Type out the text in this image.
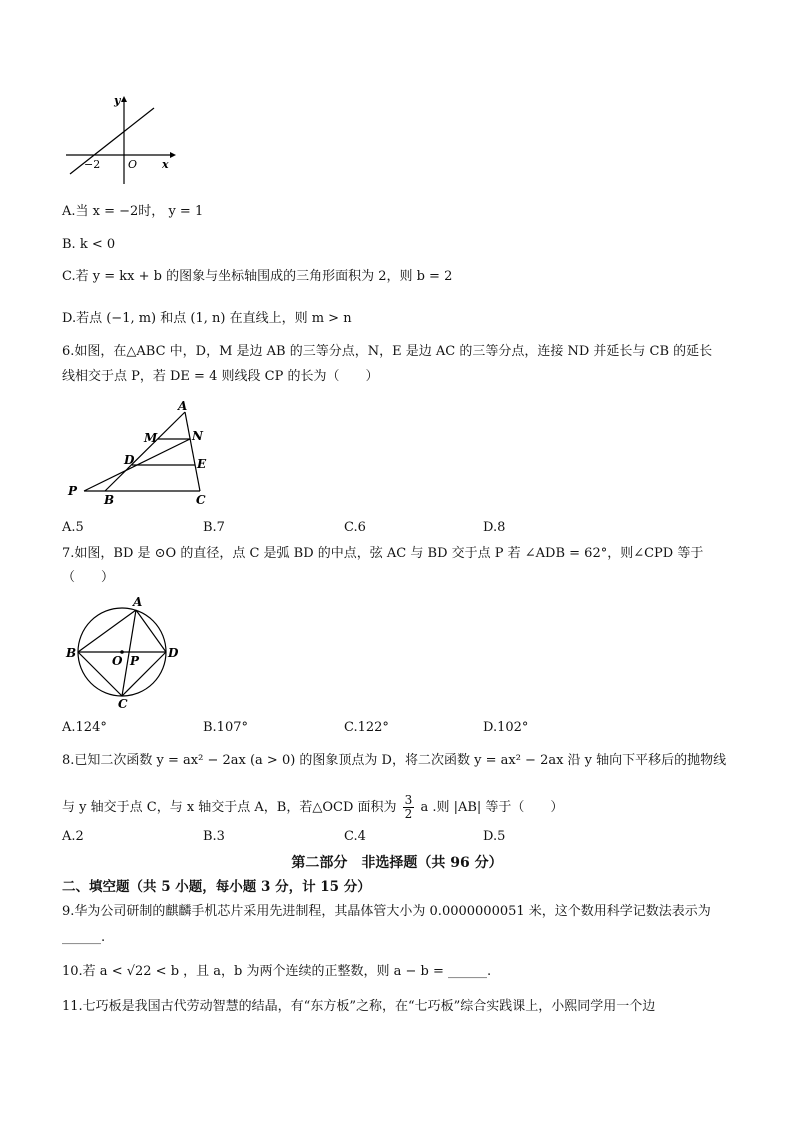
y
x
O
−2
A.当 x = −2时， y = 1
B. k < 0
C.若 y = kx + b 的图象与坐标轴围成的三角形面积为 2，则 b = 2
D.若点 (−1, m) 和点 (1, n) 在直线上，则 m > n
6.如图，在△ABC 中，D，M 是边 AB 的三等分点，N，E 是边 AC 的三等分点，连接 ND 并延长与 CB 的延长
线相交于点 P，若 DE = 4 则线段 CP 的长为（　　）
A
M	N
D	E
P
B	C
A.5	B.7	C.6	D.8
7.如图，BD 是 ⊙O 的直径，点 C 是弧 BD 的中点，弦 AC 与 BD 交于点 P 若 ∠ADB = 62°，则∠CPD 等于
（　　）
A
B
O P
D
C
A.124°	B.107°	C.122°	D.102°
8.已知二次函数 y = ax² − 2ax (a > 0) 的图象顶点为 D，将二次函数 y = ax² − 2ax 沿 y 轴向下平移后的抛物线
与 y 轴交于点 C，与 x 轴交于点 A，B，若△OCD 面积为 $\frac{3}{2}$ a .则 |AB| 等于（　　）
A.2	B.3	C.4	D.5
第二部分　非选择题（共 96 分）
二、填空题（共 5 小题，每小题 3 分，计 15 分）
9.华为公司研制的麒麟手机芯片采用先进制程，其晶体管大小为 0.0000000051 米，这个数用科学记数法表示为
______.
10.若 a < √22 < b ，且 a，b 为两个连续的正整数，则 a − b = ______.
11.七巧板是我国古代劳动智慧的结晶，有“东方板”之称，在“七巧板”综合实践课上，小熙同学用一个边
